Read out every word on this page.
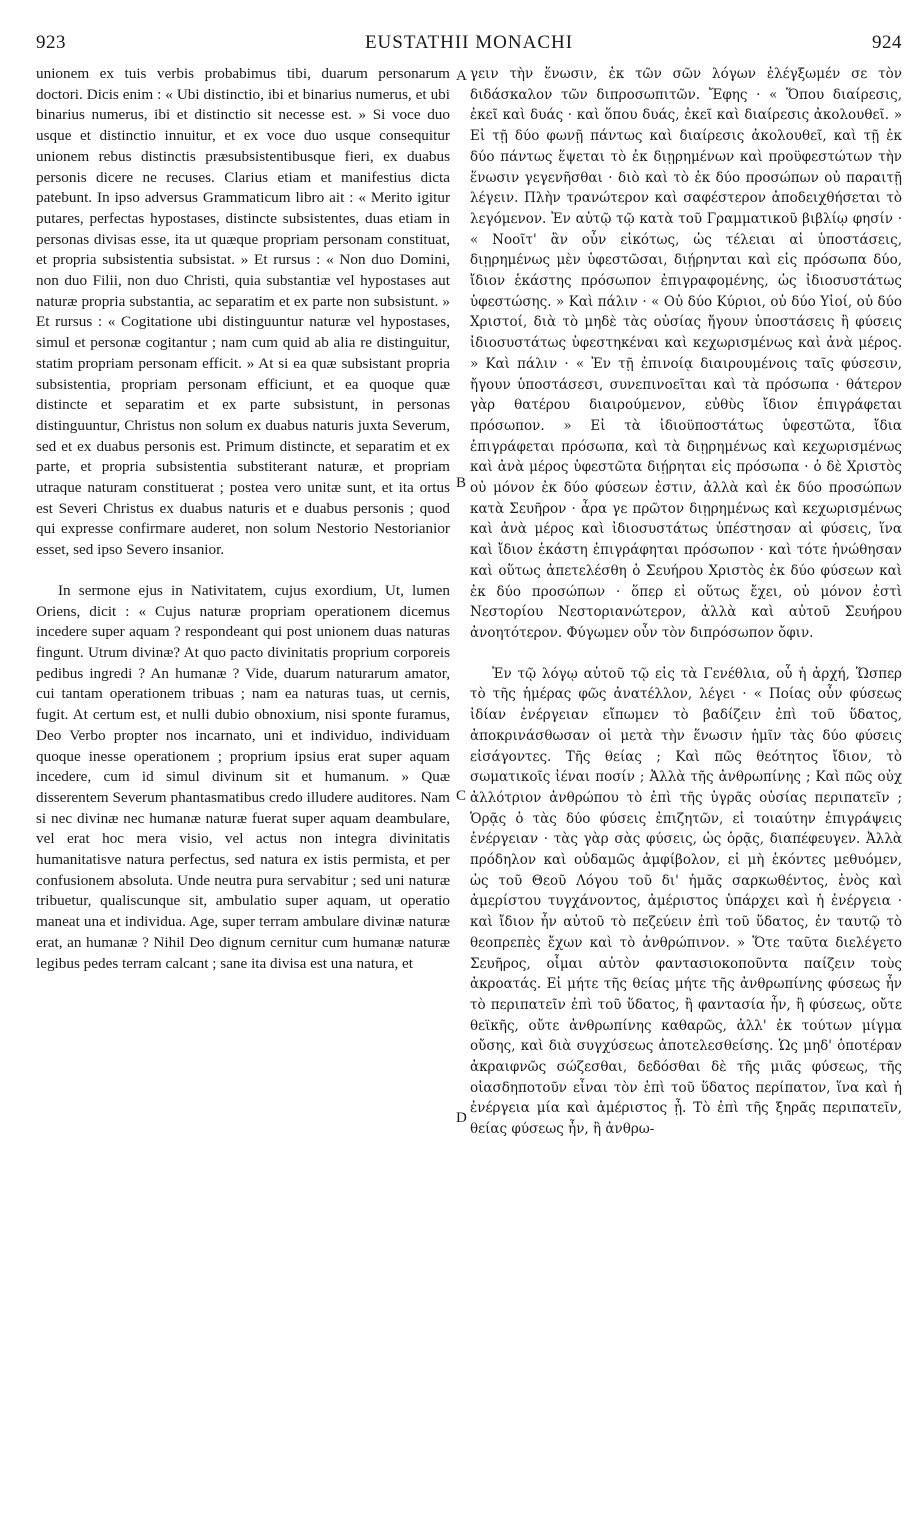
923	EUSTATHII MONACHI	924

unionem ex tuis verbis probabimus tibi, duarum personarum doctori. Dicis enim : « Ubi distinctio, ibi et binarius numerus, et ubi binarius numerus, ibi et distinctio sit necesse est. » Si voce duo usque et distinctio innuitur, et ex voce duo usque consequitur unionem rebus distinctis præsubsistentibusque fieri, ex duabus personis dicere ne recuses. Clarius etiam et manifestius dicta patebunt. In ipso adversus Grammaticum libro ait : « Merito igitur putares, perfectas hypostases, distincte subsistentes, duas etiam in personas divisas esse, ita ut quæque propriam personam constituat, et propria subsistentia subsistat. » Et rursus : « Non duo Domini, non duo Filii, non duo Christi, quia substantiæ vel hypostases aut naturæ propria substantia, ac separatim et ex parte non subsistunt. » Et rursus : « Cogitatione ubi distinguuntur naturæ vel hypostases, simul et personæ cogitantur ; nam cum quid ab alia re distinguitur, statim propriam personam efficit. » At si ea quæ subsistant propria subsistentia, propriam personam efficiunt, et ea quoque quæ distincte et separatim et ex parte subsistunt, in personas distinguuntur, Christus non solum ex duabus naturis juxta Severum, sed et ex duabus personis est. Primum distincte, et separatim et ex parte, et propria subsistentia substiterant naturæ, et propriam utraque naturam constituerat ; postea vero unitæ sunt, et ita ortus est Severi Christus ex duabus naturis et e duabus personis ; quod qui expresse confirmare auderet, non solum Nestorio Nestorianior esset, sed ipso Severo insanior.

In sermone ejus in Nativitatem, cujus exordium, Ut, lumen Oriens, dicit : « Cujus naturæ propriam operationem dicemus incedere super aquam ? respondeant qui post unionem duas naturas fingunt. Utrum divinæ? At quo pacto divinitatis proprium corporeis pedibus ingredi ? An humanæ ? Vide, duarum naturarum amator, cui tantam operationem tribuas ; nam ea naturas tuas, ut cernis, fugit. At certum est, et nulli dubio obnoxium, nisi sponte furamus, Deo Verbo propter nos incarnato, uni et individuo, individuam quoque inesse operationem ; proprium ipsius erat super aquam incedere, cum id simul divinum sit et humanum. » Quæ disserentem Severum phantasmatibus credo illudere auditores. Nam si nec divinæ nec humanæ naturæ fuerat super aquam deambulare, vel erat hoc mera visio, vel actus non integra divinitatis humanitatisve natura perfectus, sed natura ex istis permista, et per confusionem absoluta. Unde neutra pura servabitur ; sed uni naturæ tribuetur, qualiscunque sit, ambulatio super aquam, ut operatio maneat una et individua. Age, super terram ambulare divinæ naturæ erat, an humanæ ? Nihil Deo dignum cernitur cum humanæ naturæ legibus pedes terram calcant ; sane ita divisa est una natura, et

A
B
C
D

γειν τὴν ἕνωσιν, ἐκ τῶν σῶν λόγων ἐλέγξωμέν σε τὸν διδάσκαλον τῶν διπροσωπιτῶν. Ἔφης · « Ὅπου διαίρεσις, ἐκεῖ καὶ δυάς · καὶ ὅπου δυάς, ἐκεῖ καὶ διαίρεσις ἀκολουθεῖ. » Εἰ τῇ δύο φωνῇ πάντως καὶ διαίρεσις ἀκολουθεῖ, καὶ τῇ ἐκ δύο πάντως ἕψεται τὸ ἐκ διῃρημένων καὶ προϋφεστώτων τὴν ἕνωσιν γεγενῆσθαι · διὸ καὶ τὸ ἐκ δύο προσώπων οὐ παραιτῇ λέγειν. Πλὴν τρανώτερον καὶ σαφέστερον ἀποδειχθήσεται τὸ λεγόμενον. Ἐν αὐτῷ τῷ κατὰ τοῦ Γραμματικοῦ βιβλίῳ φησίν · « Νοοῖτ' ἂν οὖν εἰκότως, ὡς τέλειαι αἱ ὑποστάσεις, διῃρημένως μὲν ὑφεστῶσαι, διῄρηνται καὶ εἰς πρόσωπα δύο, ἴδιον ἑκάστης πρόσωπον ἐπιγραφομένης, ὡς ἰδιοσυστάτως ὑφεστώσης. » Καὶ πάλιν · « Οὐ δύο Κύριοι, οὐ δύο Υἱοί, οὐ δύο Χριστοί, διὰ τὸ μηδὲ τὰς οὐσίας ἤγουν ὑποστάσεις ἢ φύσεις ἰδιοσυστάτως ὑφεστηκέναι καὶ κεχωρισμένως καὶ ἀνὰ μέρος. » Καὶ πάλιν · « Ἐν τῇ ἐπινοίᾳ διαιρουμένοις ταῖς φύσεσιν, ἤγουν ὑποστάσεσι, συνεπινοεῖται καὶ τὰ πρόσωπα · θάτερον γὰρ θατέρου διαιρούμενον, εὐθὺς ἴδιον ἐπιγράφεται πρόσωπον. » Εἰ τὰ ἰδιοϋποστάτως ὑφεστῶτα, ἴδια ἐπιγράφεται πρόσωπα, καὶ τὰ διῃρημένως καὶ κεχωρισμένως καὶ ἀνὰ μέρος ὑφεστῶτα διῄρηται εἰς πρόσωπα · ὁ δὲ Χριστὸς οὐ μόνον ἐκ δύο φύσεων ἐστιν, ἀλλὰ καὶ ἐκ δύο προσώπων κατὰ Σευῆρον · ἆρα γε πρῶτον διῃρημένως καὶ κεχωρισμένως καὶ ἀνὰ μέρος καὶ ἰδιοσυστάτως ὑπέστησαν αἱ φύσεις, ἵνα καὶ ἴδιον ἑκάστη ἐπιγράφηται πρόσωπον · καὶ τότε ἡνώθησαν καὶ οὕτως ἀπετελέσθη ὁ Σευήρου Χριστὸς ἐκ δύο φύσεων καὶ ἐκ δύο προσώπων · ὅπερ εἰ οὕτως ἔχει, οὐ μόνον ἐστὶ Νεστορίου Νεστοριανώτερον, ἀλλὰ καὶ αὐτοῦ Σευήρου ἀνοητότερον. Φύγωμεν οὖν τὸν διπρόσωπον ὄφιν.

Ἐν τῷ λόγῳ αὐτοῦ τῷ εἰς τὰ Γενέθλια, οὗ ἡ ἀρχή, Ὥσπερ τὸ τῆς ἡμέρας φῶς ἀνατέλλον, λέγει · « Ποίας οὖν φύσεως ἰδίαν ἐνέργειαν εἴπωμεν τὸ βαδίζειν ἐπὶ τοῦ ὕδατος, ἀποκρινάσθωσαν οἱ μετὰ τὴν ἕνωσιν ἡμῖν τὰς δύο φύσεις εἰσάγοντες. Τῆς θείας ; Καὶ πῶς θεότητος ἴδιον, τὸ σωματικοῖς ἰέναι ποσίν ; Ἀλλὰ τῆς ἀνθρωπίνης ; Καὶ πῶς οὐχ ἀλλότριον ἀνθρώπου τὸ ἐπὶ τῆς ὑγρᾶς οὐσίας περιπατεῖν ; Ὁρᾷς ὁ τὰς δύο φύσεις ἐπιζητῶν, εἰ τοιαύτην ἐπιγράψεις ἐνέργειαν · τὰς γὰρ σὰς φύσεις, ὡς ὁρᾷς, διαπέφευγεν. Ἀλλὰ πρόδηλον καὶ οὐδαμῶς ἀμφίβολον, εἰ μὴ ἑκόντες μεθυόμεν, ὡς τοῦ Θεοῦ Λόγου τοῦ δι' ἡμᾶς σαρκωθέντος, ἑνὸς καὶ ἀμερίστου τυγχάνοντος, ἀμέριστος ὑπάρχει καὶ ἡ ἐνέργεια · καὶ ἴδιον ἦν αὐτοῦ τὸ πεζεύειν ἐπὶ τοῦ ὕδατος, ἐν ταυτῷ τὸ θεοπρεπὲς ἔχων καὶ τὸ ἀνθρώπινον. » Ὅτε ταῦτα διελέγετο Σευῆρος, οἶμαι αὐτὸν φαντασιοκοποῦντα παίζειν τοὺς ἀκροατάς. Εἰ μήτε τῆς θείας μήτε τῆς ἀνθρωπίνης φύσεως ἦν τὸ περιπατεῖν ἐπὶ τοῦ ὕδατος, ἢ φαντασία ἦν, ἢ φύσεως, οὔτε θεϊκῆς, οὔτε ἀνθρωπίνης καθαρῶς, ἀλλ' ἐκ τούτων μίγμα οὔσης, καὶ διὰ συγχύσεως ἀποτελεσθείσης. Ὡς μηδ' ὁποτέραν ἀκραιφνῶς σώζεσθαι, δεδόσθαι δὲ τῆς μιᾶς φύσεως, τῆς οἱασδηποτοῦν εἶναι τὸν ἐπὶ τοῦ ὕδατος περίπατον, ἵνα καὶ ἡ ἐνέργεια μία καὶ ἀμέριστος ᾖ. Τὸ ἐπὶ τῆς ξηρᾶς περιπατεῖν, θείας φύσεως ἦν, ἢ ἀνθρω-
